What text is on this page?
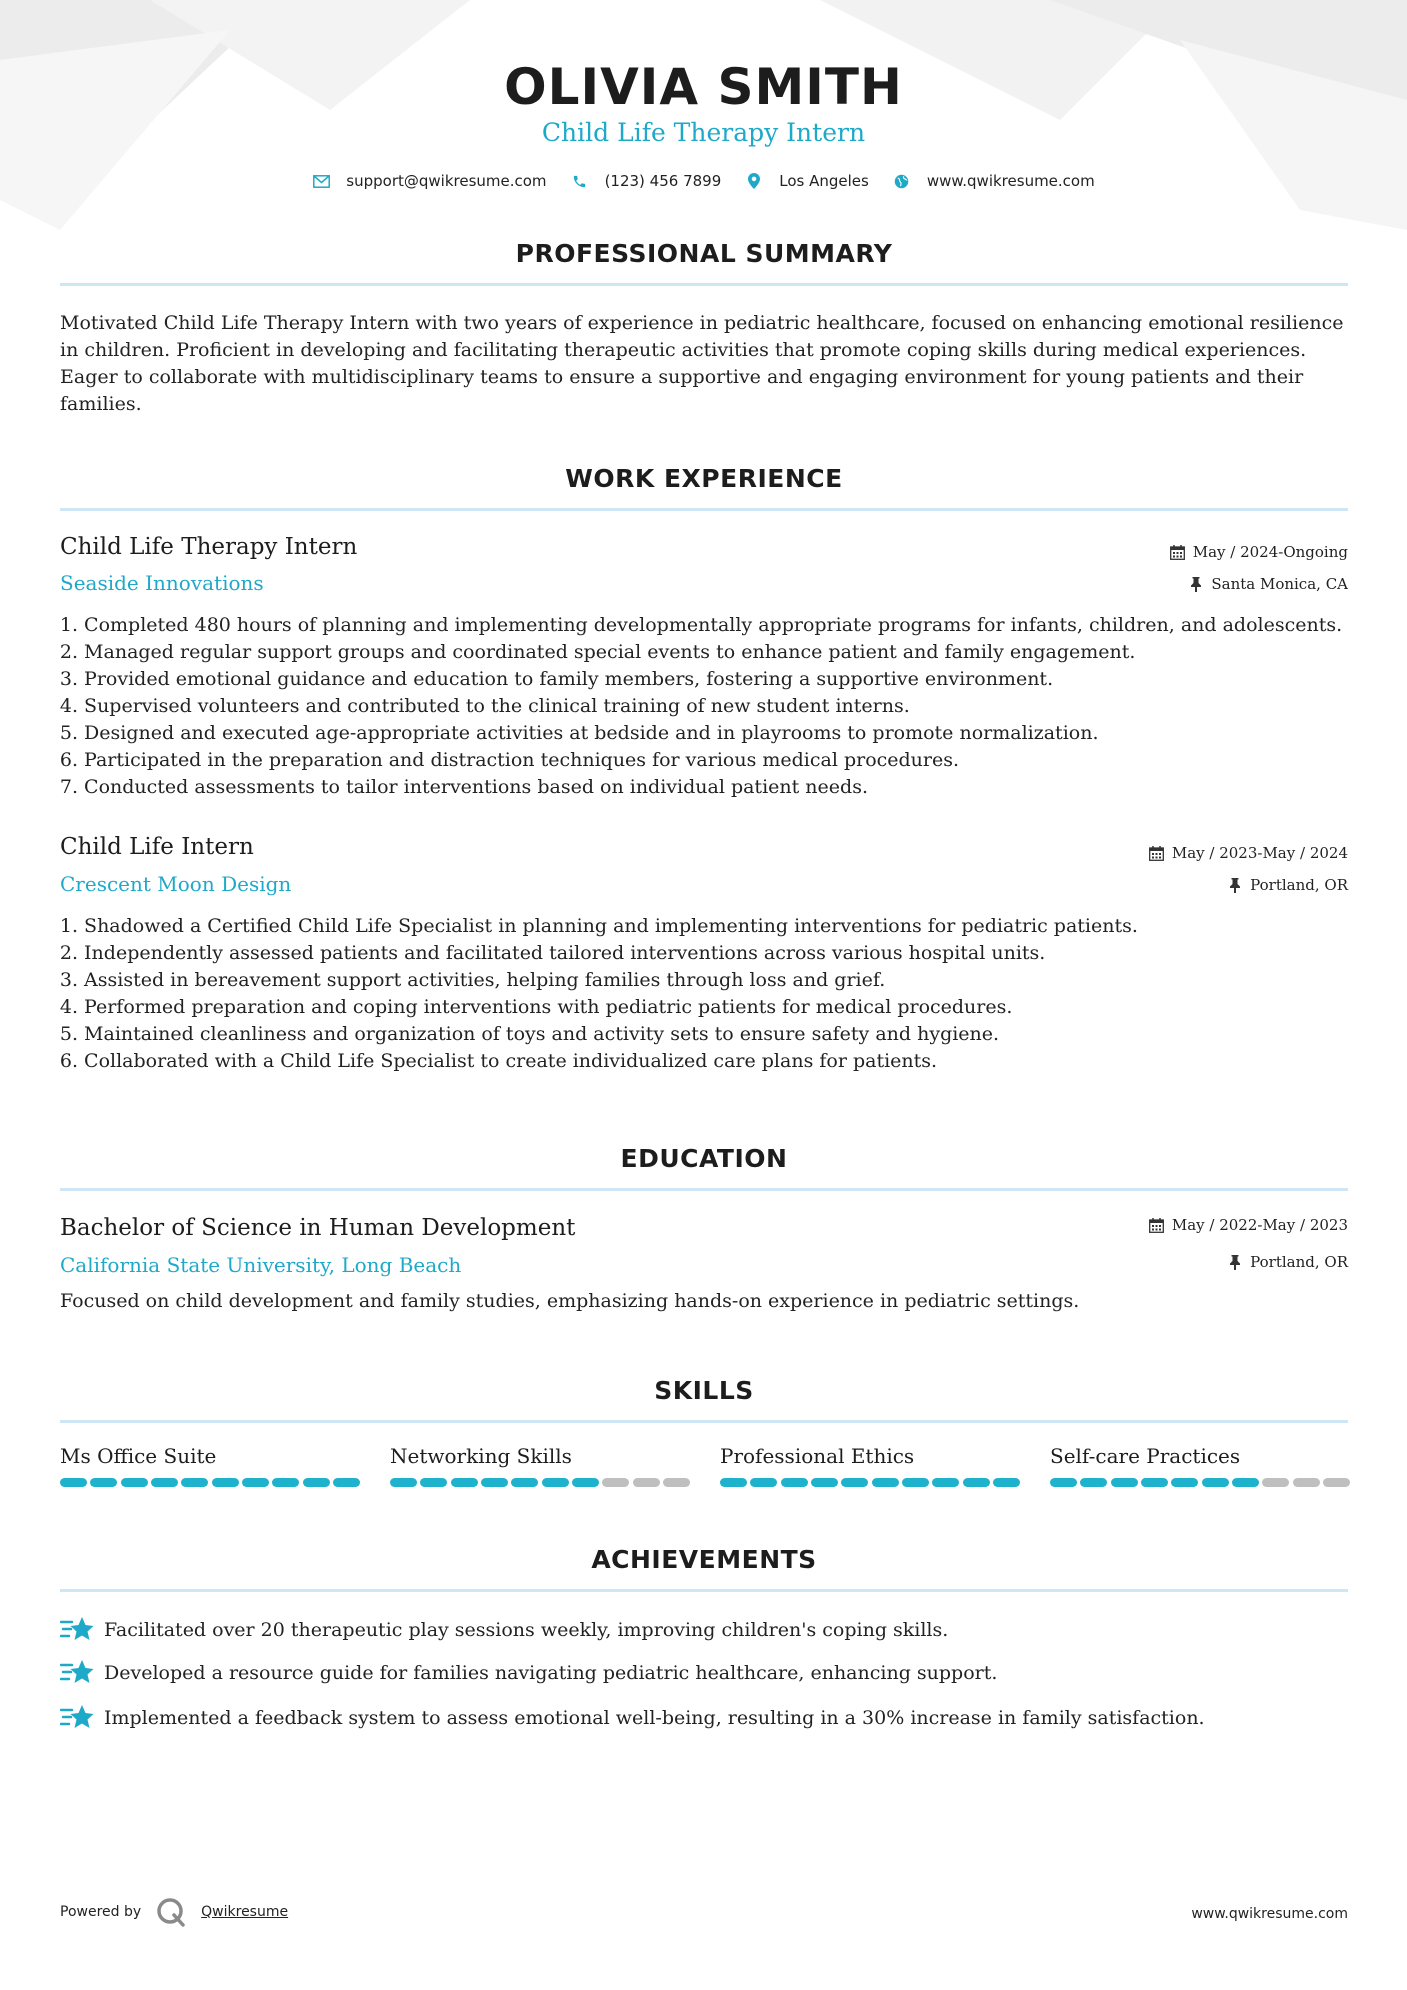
OLIVIA SMITH
Child Life Therapy Intern
support@qwikresume.com	(123) 456 7899	Los Angeles	www.qwikresume.com
PROFESSIONAL SUMMARY
Motivated Child Life Therapy Intern with two years of experience in pediatric healthcare, focused on enhancing emotional resilience
in children. Proficient in developing and facilitating therapeutic activities that promote coping skills during medical experiences.
Eager to collaborate with multidisciplinary teams to ensure a supportive and engaging environment for young patients and their
families.
WORK EXPERIENCE
Child Life Therapy Intern
Seaside Innovations
May / 2024-Ongoing
Santa Monica, CA
1.
Completed 480 hours of planning and implementing developmentally appropriate programs for infants, children, and adolescents.
2.
Managed regular support groups and coordinated special events to enhance patient and family engagement.
3.
Provided emotional guidance and education to family members, fostering a supportive environment.
4.
Supervised volunteers and contributed to the clinical training of new student interns.
5.
Designed and executed age-appropriate activities at bedside and in playrooms to promote normalization.
6.
Participated in the preparation and distraction techniques for various medical procedures.
7.
Conducted assessments to tailor interventions based on individual patient needs.
Child Life Intern
Crescent Moon Design
May / 2023-May / 2024
Portland, OR
1.
Shadowed a Certified Child Life Specialist in planning and implementing interventions for pediatric patients.
2.
Independently assessed patients and facilitated tailored interventions across various hospital units.
3.
Assisted in bereavement support activities, helping families through loss and grief.
4.
Performed preparation and coping interventions with pediatric patients for medical procedures.
5.
Maintained cleanliness and organization of toys and activity sets to ensure safety and hygiene.
6.
Collaborated with a Child Life Specialist to create individualized care plans for patients.
EDUCATION
Bachelor of Science in Human Development
California State University, Long Beach
May / 2022-May / 2023
Portland, OR
Focused on child development and family studies, emphasizing hands-on experience in pediatric settings.
SKILLS
Ms Office Suite	Networking Skills	Professional Ethics	Self-care Practices
ACHIEVEMENTS
Facilitated over 20 therapeutic play sessions weekly, improving children's coping skills.
Developed a resource guide for families navigating pediatric healthcare, enhancing support.
Implemented a feedback system to assess emotional well-being, resulting in a 30% increase in family satisfaction.
Powered by	Qwikresume	www.qwikresume.com
